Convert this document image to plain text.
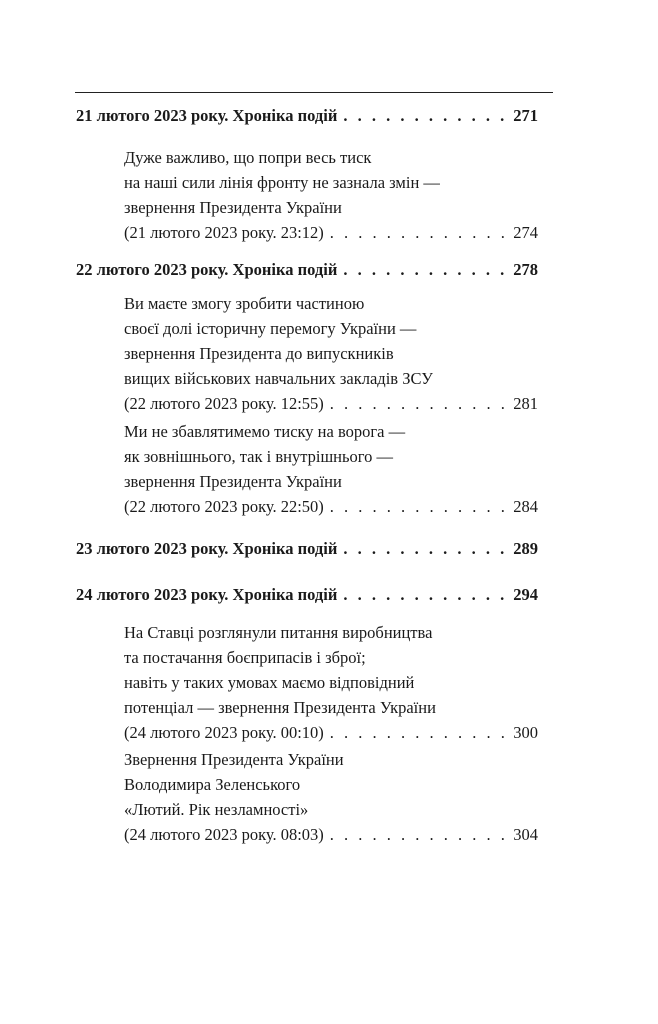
21 лютого 2023 року. Хроніка подій . . .	271
Дуже важливо, що попри весь тиск
на наші сили лінія фронту не зазнала змін —
звернення Президента України
(21 лютого 2023 року. 23:12) . . .	274
22 лютого 2023 року. Хроніка подій . . .	278
Ви маєте змогу зробити частиною
своєї долі історичну перемогу України —
звернення Президента до випускників
вищих військових навчальних закладів ЗСУ
(22 лютого 2023 року. 12:55) . . .	281
Ми не збавлятимемо тиску на ворога —
як зовнішнього, так і внутрішнього —
звернення Президента України
(22 лютого 2023 року. 22:50) . . .	284
23 лютого 2023 року. Хроніка подій . . .	289
24 лютого 2023 року. Хроніка подій . . .	294
На Ставці розглянули питання виробництва
та постачання боєприпасів і зброї;
навіть у таких умовах маємо відповідний
потенціал — звернення Президента України
(24 лютого 2023 року. 00:10) . . .	300
Звернення Президента України
Володимира Зеленського
«Лютий. Рік незламності»
(24 лютого 2023 року. 08:03) . . .	304
